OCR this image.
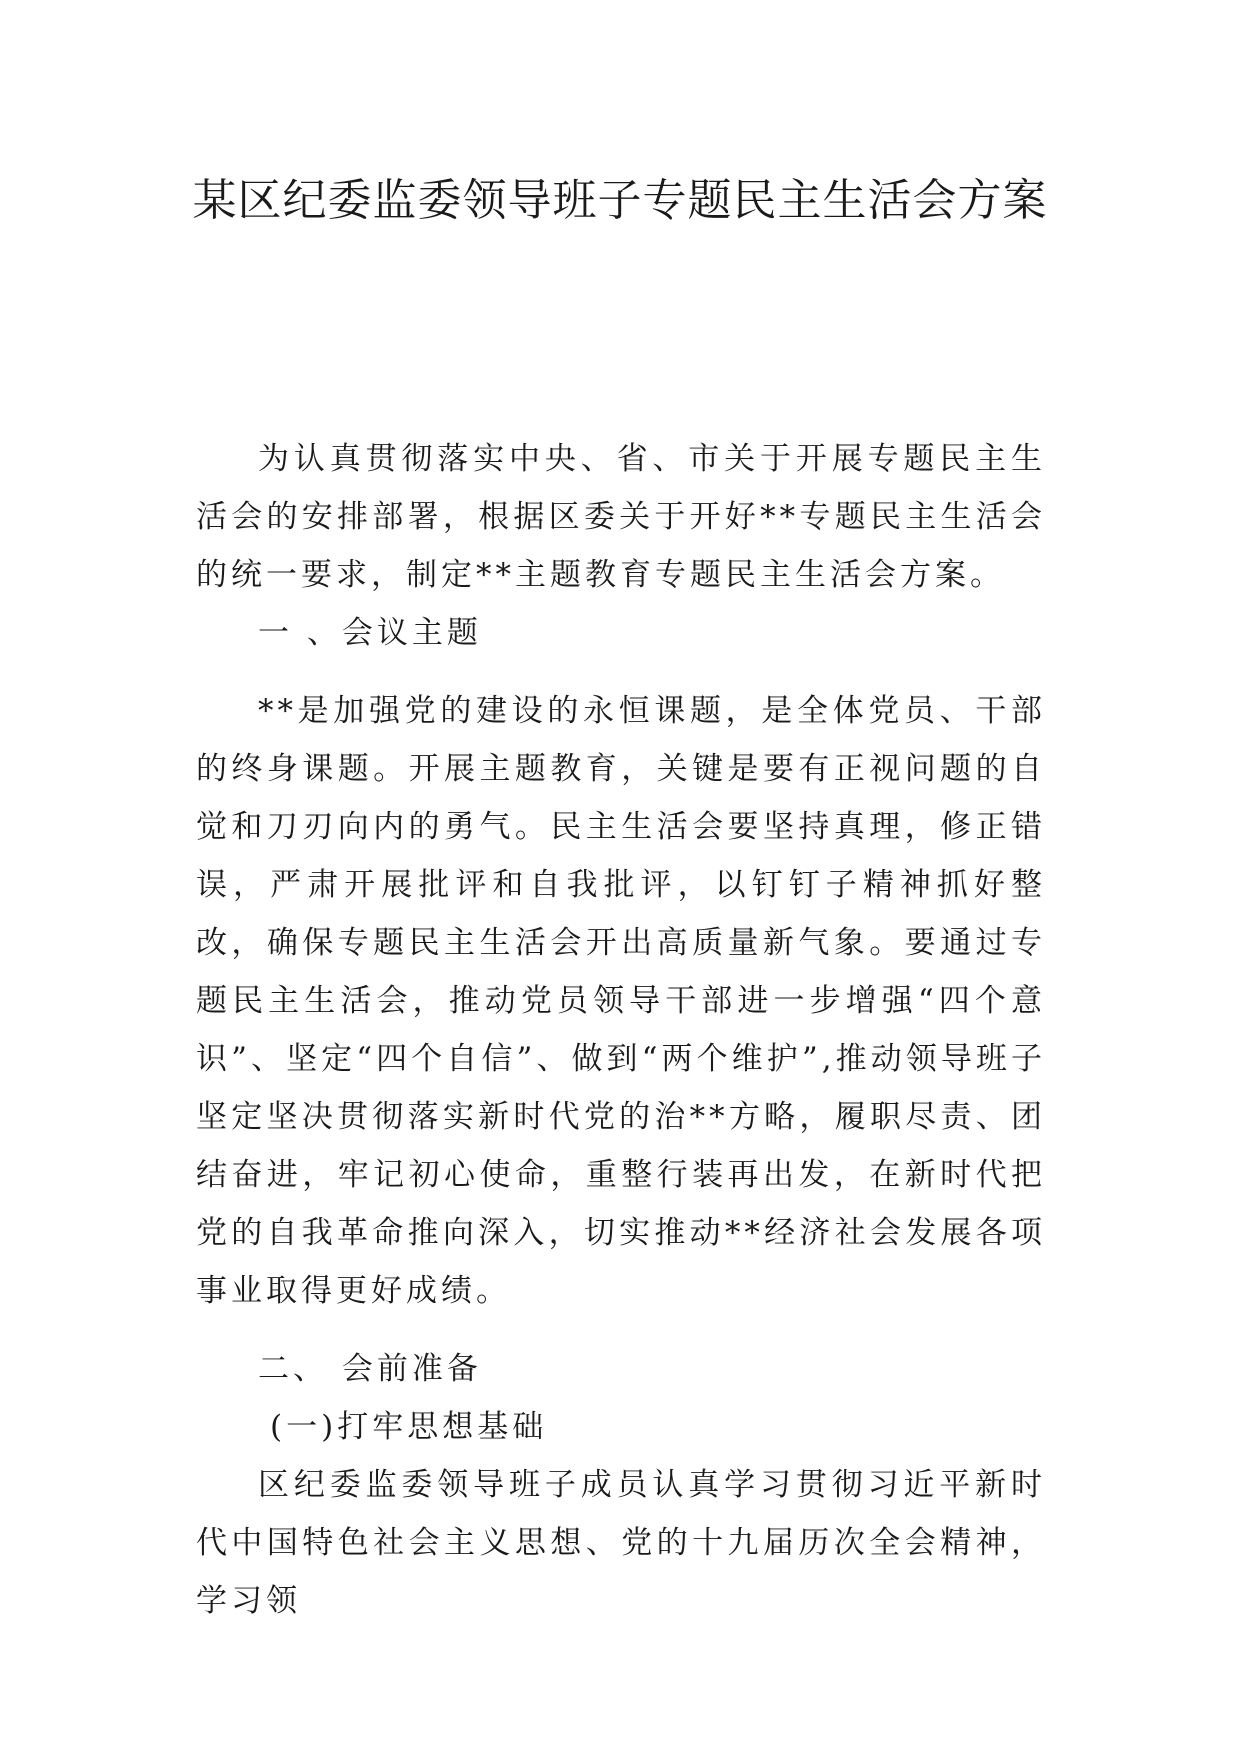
某区纪委监委领导班子专题民主生活会方案

为认真贯彻落实中央、省、市关于开展专题民主生活会的安排部署，根据区委关于开好**专题民主生活会的统一要求，制定**主题教育专题民主生活会方案。

一 、会议主题

**是加强党的建设的永恒课题，是全体党员、干部的终身课题。开展主题教育，关键是要有正视问题的自觉和刀刃向内的勇气。民主生活会要坚持真理，修正错误，严肃开展批评和自我批评，以钉钉子精神抓好整改，确保专题民主生活会开出高质量新气象。要通过专题民主生活会，推动党员领导干部进一步增强“四个意识”、坚定“四个自信”、做到“两个维护”,推动领导班子坚定坚决贯彻落实新时代党的治**方略，履职尽责、团结奋进，牢记初心使命，重整行装再出发，在新时代把党的自我革命推向深入，切实推动**经济社会发展各项事业取得更好成绩。

二、 会前准备

(一)打牢思想基础

区纪委监委领导班子成员认真学习贯彻习近平新时代中国特色社会主义思想、党的十九届历次全会精神，学习领
